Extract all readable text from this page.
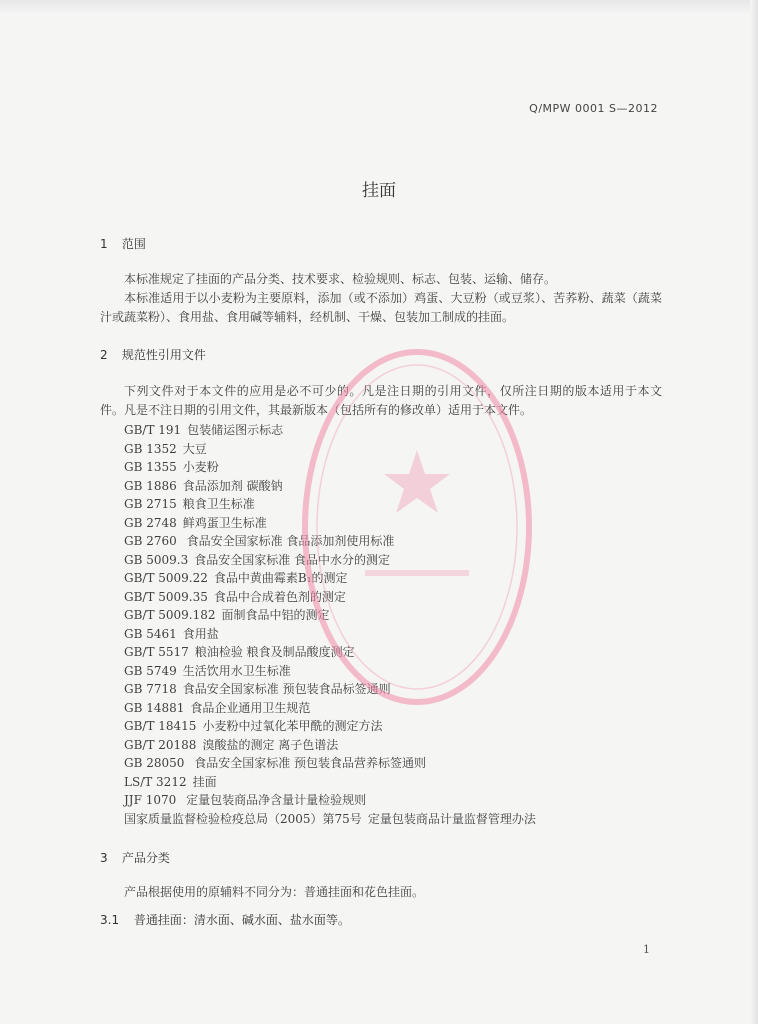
Q/MPW 0001 S—2012
挂面
1 范围
本标准规定了挂面的产品分类、技术要求、检验规则、标志、包装、运输、储存。
本标准适用于以小麦粉为主要原料，添加（或不添加）鸡蛋、大豆粉（或豆浆）、苦荞粉、蔬菜（蔬菜汁或蔬菜粉）、食用盐、食用碱等辅料，经机制、干燥、包装加工制成的挂面。
2 规范性引用文件
下列文件对于本文件的应用是必不可少的。凡是注日期的引用文件，仅所注日期的版本适用于本文件。凡是不注日期的引用文件，其最新版本（包括所有的修改单）适用于本文件。
GB/T 191 包装储运图示标志
GB 1352 大豆
GB 1355 小麦粉
GB 1886 食品添加剂 碳酸钠
GB 2715 粮食卫生标准
GB 2748 鲜鸡蛋卫生标准
GB 2760 食品安全国家标准 食品添加剂使用标准
GB 5009.3 食品安全国家标准 食品中水分的测定
GB/T 5009.22 食品中黄曲霉素B₁的测定
GB/T 5009.35 食品中合成着色剂的测定
GB/T 5009.182 面制食品中铝的测定
GB 5461 食用盐
GB/T 5517 粮油检验 粮食及制品酸度测定
GB 5749 生活饮用水卫生标准
GB 7718 食品安全国家标准 预包装食品标签通则
GB 14881 食品企业通用卫生规范
GB/T 18415 小麦粉中过氧化苯甲酰的测定方法
GB/T 20188 溴酸盐的测定 离子色谱法
GB 28050 食品安全国家标准 预包装食品营养标签通则
LS/T 3212 挂面
JJF 1070 定量包装商品净含量计量检验规则
国家质量监督检验检疫总局（2005）第75号 定量包装商品计量监督管理办法
3 产品分类
产品根据使用的原辅料不同分为：普通挂面和花色挂面。
3.1 普通挂面：清水面、碱水面、盐水面等。
1
